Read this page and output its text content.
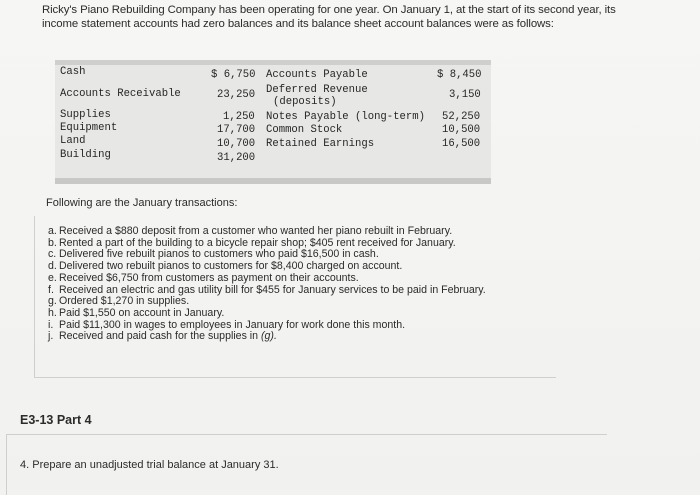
Ricky's Piano Rebuilding Company has been operating for one year. On January 1, at the start of its second year, its
income statement accounts had zero balances and its balance sheet account balances were as follows:
Cash
Accounts Receivable
Supplies
Equipment
Land
Building
$ 6,750
23,250
1,250
17,700
10,700
31,200
Accounts Payable
Deferred Revenue
(deposits)
Notes Payable (long-term)
Common Stock
Retained Earnings
$ 8,450
3,150
52,250
10,500
16,500
Following are the January transactions:
a. Received a $880 deposit from a customer who wanted her piano rebuilt in February.
b. Rented a part of the building to a bicycle repair shop; $405 rent received for January.
c. Delivered five rebuilt pianos to customers who paid $16,500 in cash.
d. Delivered two rebuilt pianos to customers for $8,400 charged on account.
e. Received $6,750 from customers as payment on their accounts.
f. Received an electric and gas utility bill for $455 for January services to be paid in February.
g. Ordered $1,270 in supplies.
h. Paid $1,550 on account in January.
i. Paid $11,300 in wages to employees in January for work done this month.
j. Received and paid cash for the supplies in (g).
E3-13 Part 4
4. Prepare an unadjusted trial balance at January 31.
